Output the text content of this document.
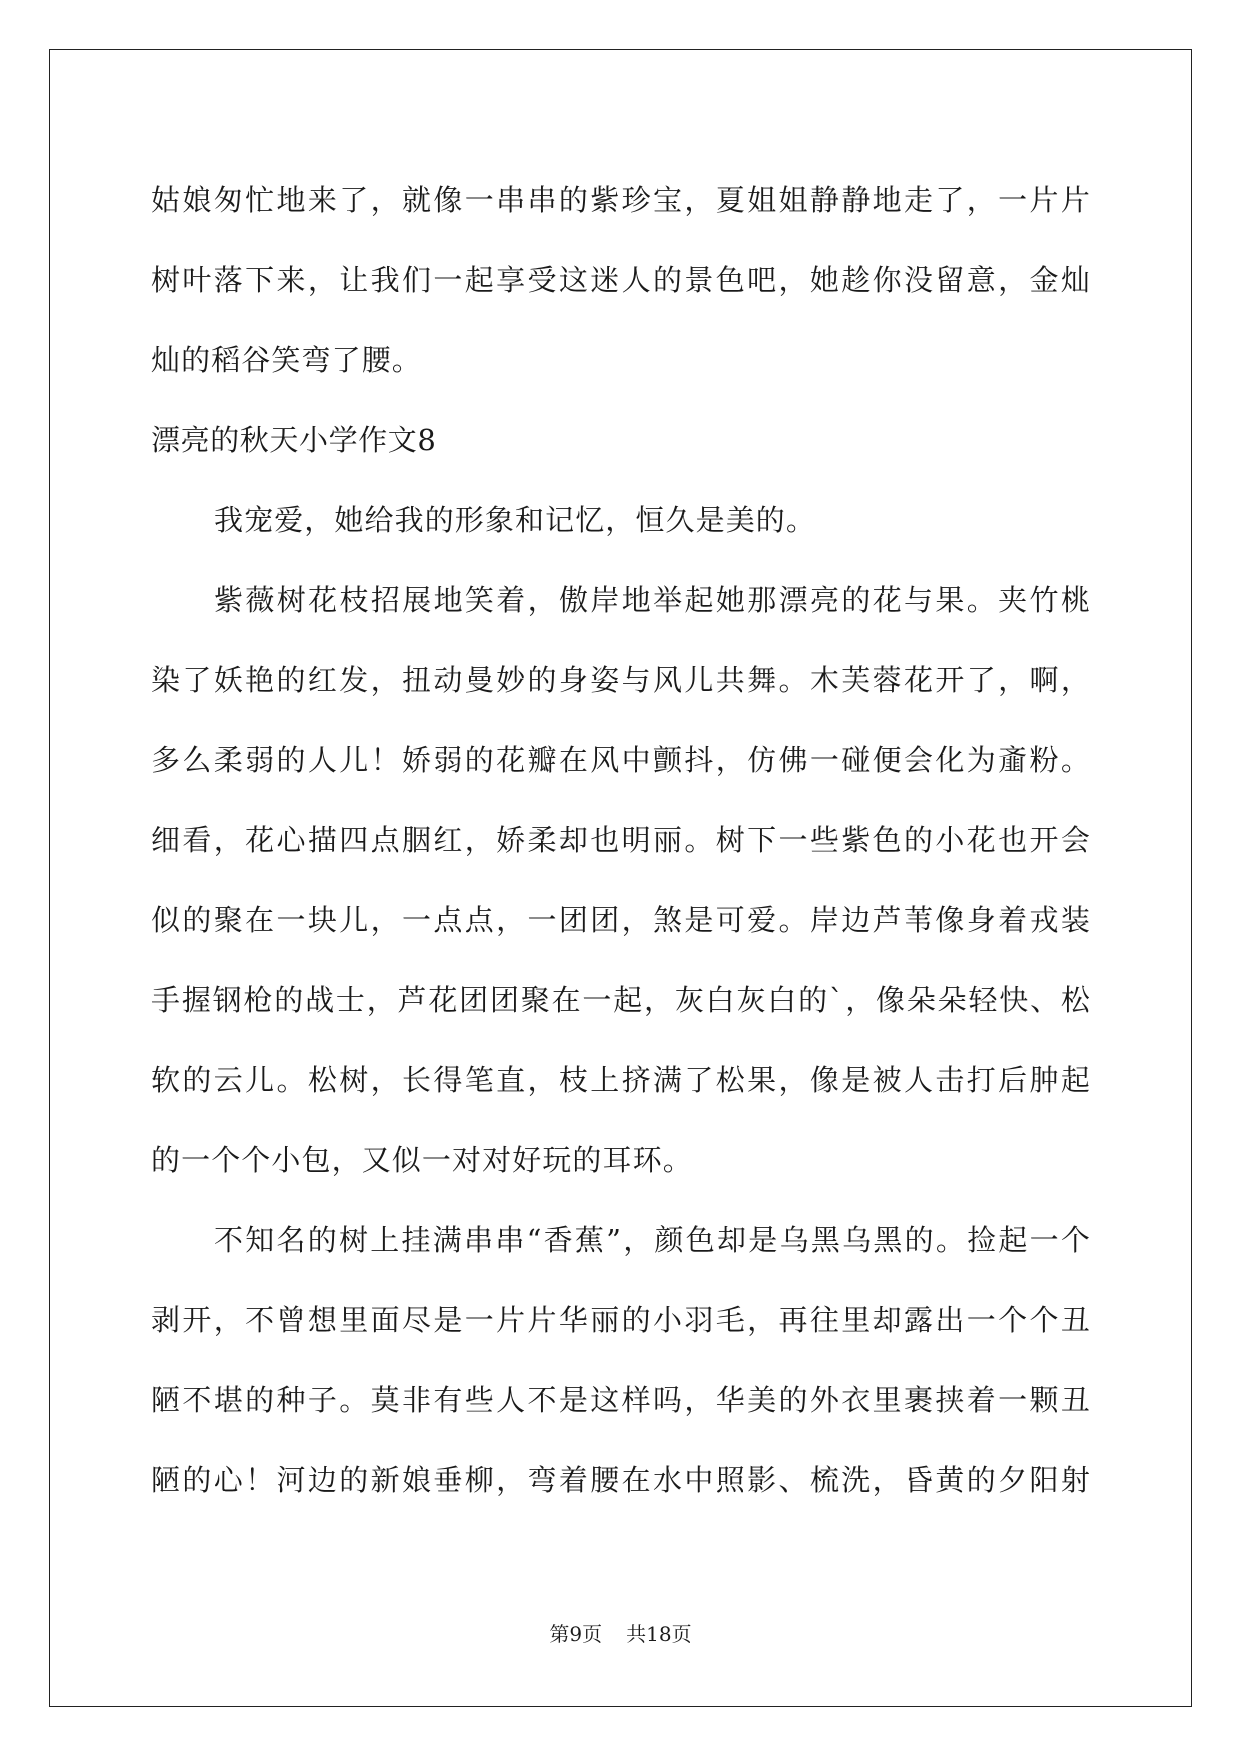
姑娘匆忙地来了，就像一串串的紫珍宝，夏姐姐静静地走了，一片片
树叶落下来，让我们一起享受这迷人的景色吧，她趁你没留意，金灿
灿的稻谷笑弯了腰。
漂亮的秋天小学作文8
我宠爱，她给我的形象和记忆，恒久是美的。
紫薇树花枝招展地笑着，傲岸地举起她那漂亮的花与果。夹竹桃
染了妖艳的红发，扭动曼妙的身姿与风儿共舞。木芙蓉花开了，啊，
多么柔弱的人儿！娇弱的花瓣在风中颤抖，仿佛一碰便会化为齑粉。
细看，花心描四点胭红，娇柔却也明丽。树下一些紫色的小花也开会
似的聚在一块儿，一点点，一团团，煞是可爱。岸边芦苇像身着戎装
手握钢枪的战士，芦花团团聚在一起，灰白灰白的`，像朵朵轻快、松
软的云儿。松树，长得笔直，枝上挤满了松果，像是被人击打后肿起
的一个个小包，又似一对对好玩的耳环。
不知名的树上挂满串串“香蕉”，颜色却是乌黑乌黑的。捡起一个
剥开，不曾想里面尽是一片片华丽的小羽毛，再往里却露出一个个丑
陋不堪的种子。莫非有些人不是这样吗，华美的外衣里裹挟着一颗丑
陋的心！河边的新娘垂柳，弯着腰在水中照影、梳洗，昏黄的夕阳射
第9页 共18页
